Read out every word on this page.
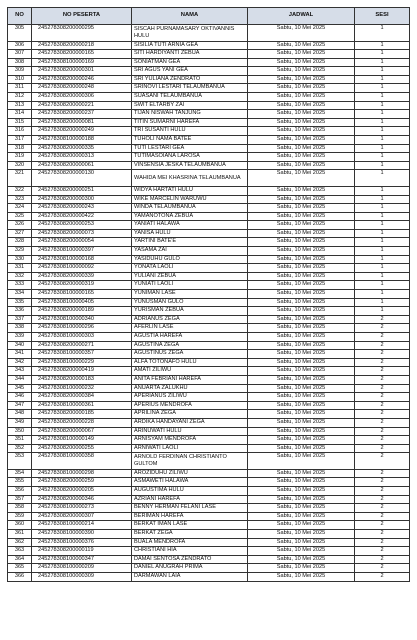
NO	NO PESERTA	NAMA	JADWAL	SESI
305	245278308200000295	SISCAH PURNAMASARY OKTIVANNIS HULU	Sabtu, 10 Mei 2025	1
306	245278308200000218	SISILIA TUTI ARNIA GEA	Sabtu, 10 Mei 2025	1
307	245278308200000165	SITI HARDIYANTI ZEBUA	Sabtu, 10 Mei 2025	1
308	245278308100000169	SONIATMAN GEA	Sabtu, 10 Mei 2025	1
309	245278308200000301	SRI AGUS YANI GEA	Sabtu, 10 Mei 2025	1
310	245278308200000246	SRI YULIANA ZENDRATO	Sabtu, 10 Mei 2025	1
311	245278308200000248	SRINOVI LESTARI TELAUMBANUA	Sabtu, 10 Mei 2025	1
312	245278308200000306	SUASANI TELAUMBANUA	Sabtu, 10 Mei 2025	1
313	245278308200000221	SWIT ELTARBY ZAI	Sabtu, 10 Mei 2025	1
314	245278308200000237	TIJAN NISWAH TANJUNG	Sabtu, 10 Mei 2025	1
315	245278308200000081	TITIN SUMARNI HAREFA	Sabtu, 10 Mei 2025	1
316	245278308200000249	TRI SUSANTI HULU	Sabtu, 10 Mei 2025	1
317	245278308100000188	TUHOLI NAMA BATEE	Sabtu, 10 Mei 2025	1
318	245278308200000335	TUTI LESTARI GEA	Sabtu, 10 Mei 2025	1
319	245278308200000313	TUTIMASOIANA LAROSA	Sabtu, 10 Mei 2025	1
320	245278308200000061	VINSENSIA JESKA TELAUMBANUA	Sabtu, 10 Mei 2025	1
321	245278308200000130	WAHIDA MEI KHASRINA TELAUMBANUA	Sabtu, 10 Mei 2025	1
322	245278308200000251	WIDYA HARTATI HULU	Sabtu, 10 Mei 2025	1
323	245278308200000300	WIKE MARCELIN WARUWU	Sabtu, 10 Mei 2025	1
324	245278308200000243	WINDA TELAUMBANUA	Sabtu, 10 Mei 2025	1
325	245278308200000422	YAMANOTONA ZEBUA	Sabtu, 10 Mei 2025	1
326	245278308200000253	YANIATI HALAWA	Sabtu, 10 Mei 2025	1
327	245278308200000073	YANISA HULU	Sabtu, 10 Mei 2025	1
328	245278308200000054	YARTINI BATE'E	Sabtu, 10 Mei 2025	1
329	245278308100000397	YASAMA ZAI	Sabtu, 10 Mei 2025	1
330	245278308100000168	YASIDUHU GULO	Sabtu, 10 Mei 2025	1
331	245278308100000092	YONATA LAOLI	Sabtu, 10 Mei 2025	1
332	245278308200000339	YULIANI ZEBUA	Sabtu, 10 Mei 2025	1
333	245278308200000319	YUNIATI LAOLI	Sabtu, 10 Mei 2025	1
334	245278308100000165	YUNIMAN LASE	Sabtu, 10 Mei 2025	1
335	245278308100000405	YUNUSMAN GULO	Sabtu, 10 Mei 2025	1
336	245278308200000189	YURISMAN ZEBUA	Sabtu, 10 Mei 2025	1
337	245278308100000340	ADRIANUS ZEGA	Sabtu, 10 Mei 2025	2
338	245278308100000296	AFERLIN LASE	Sabtu, 10 Mei 2025	2
339	245278308100000303	AGUSTIA HAREFA	Sabtu, 10 Mei 2025	2
340	245278308200000271	AGUSTINA ZEGA	Sabtu, 10 Mei 2025	2
341	245278308100000357	AGUSTINUS ZEGA	Sabtu, 10 Mei 2025	2
342	245278308100000229	ALFA TOTONAFO HULU	Sabtu, 10 Mei 2025	2
343	245278308200000419	AMATI ZILIWU	Sabtu, 10 Mei 2025	2
344	245278308200000183	ANITA FEBRIANI HAREFA	Sabtu, 10 Mei 2025	2
345	245278308100000232	ANUARTA ZALUKHU	Sabtu, 10 Mei 2025	2
346	245278308200000384	APERIANUS ZILIWU	Sabtu, 10 Mei 2025	2
347	245278308100000361	APERIUS MENDROFA	Sabtu, 10 Mei 2025	2
348	245278308200000185	APRILINA ZEGA	Sabtu, 10 Mei 2025	2
349	245278308200000228	ARDIKA HANDAYANI ZEGA	Sabtu, 10 Mei 2025	2
350	245278308200000067	ARINUWATI HULU	Sabtu, 10 Mei 2025	2
351	245278308100000149	ARNISYAM MENDROFA	Sabtu, 10 Mei 2025	2
352	245278308200000255	ARNIWATI LAOLI	Sabtu, 10 Mei 2025	2
353	245278308100000358	ARNOLD FERDINAN CHRISTIANTO GULTOM	Sabtu, 10 Mei 2025	2
354	245278308100000298	AROZIDUHU ZILIWU	Sabtu, 10 Mei 2025	2
355	245278308200000259	ASMAWETI HALAWA	Sabtu, 10 Mei 2025	2
356	245278308200000205	AUGUSTIMA HULU	Sabtu, 10 Mei 2025	2
357	245278308200000346	AZRIANI HAREFA	Sabtu, 10 Mei 2025	2
358	245278308100000273	BENNY HERMAN FELANI LASE	Sabtu, 10 Mei 2025	2
359	245278308200000307	BERIMAN HAREFA	Sabtu, 10 Mei 2025	2
360	245278308100000214	BERKAT IMAN LASE	Sabtu, 10 Mei 2025	2
361	245278308100000390	BERKAT ZEGA	Sabtu, 10 Mei 2025	2
362	245278308100000376	BUALA MENDROFA	Sabtu, 10 Mei 2025	2
363	245278308200000119	CHRISTIANI HIA	Sabtu, 10 Mei 2025	2
364	245278308100000347	DAMAI SENTOSA ZENDRATO	Sabtu, 10 Mei 2025	2
365	245278308100000209	DANIEL ANUGRAH PRIMA	Sabtu, 10 Mei 2025	2
366	245278308100000309	DARMAWAN LAIA	Sabtu, 10 Mei 2025	2
